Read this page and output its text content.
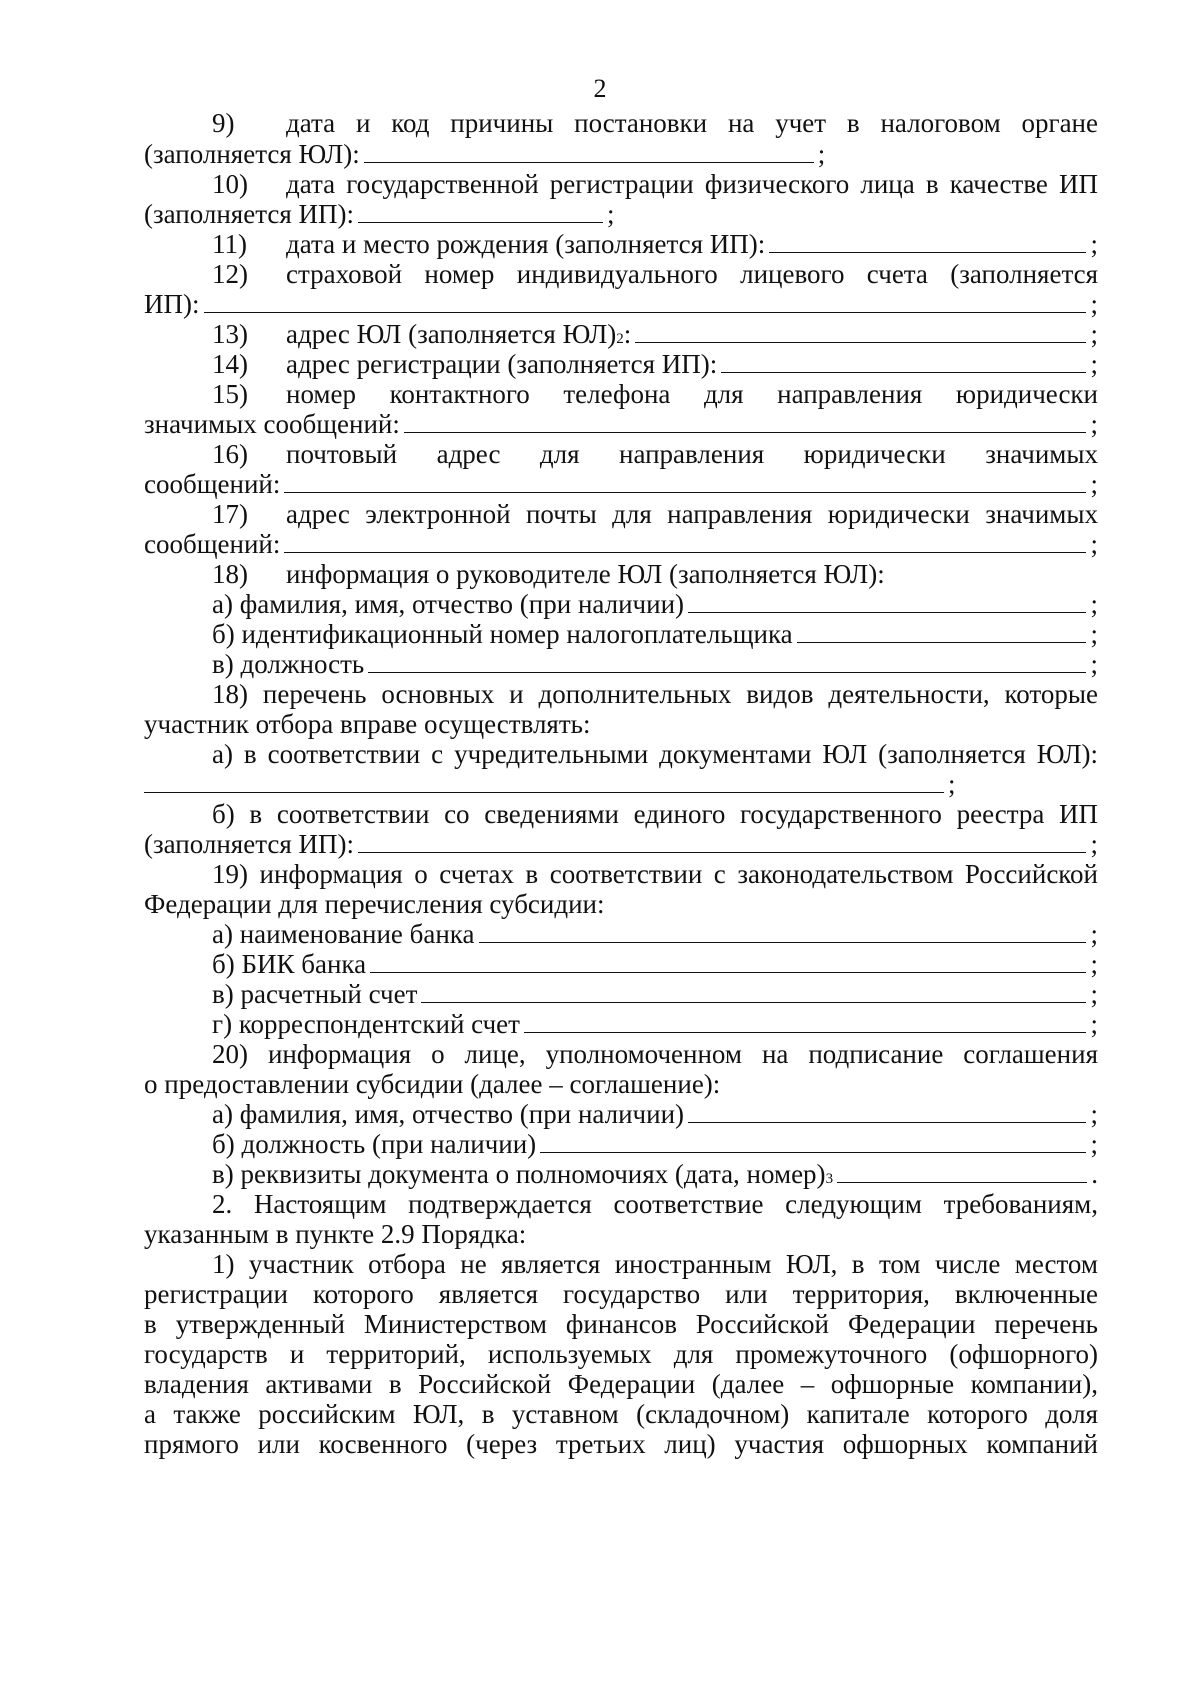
2
9) дата и код причины постановки на учет в налоговом органе
(заполняется ЮЛ):	;
10) дата государственной регистрации физического лица в качестве ИП
(заполняется ИП):	;
11)	дата и место рождения (заполняется ИП):	;
12) страховой номер индивидуального лицевого счета (заполняется
ИП):	;
13)	адрес ЮЛ (заполняется ЮЛ) 2 :	;
14)	адрес регистрации (заполняется ИП):	;
15) номер контактного телефона для направления юридически
значимых сообщений:	;
16) почтовый адрес для направления юридически значимых
сообщений:	;
17) адрес электронной почты для направления юридически значимых
сообщений:	;
18) информация о руководителе ЮЛ (заполняется ЮЛ):
а) фамилия, имя, отчество (при наличии)	;
б) идентификационный номер налогоплательщика	;
в) должность	;
18) перечень основных и дополнительных видов деятельности, которые
участник отбора вправе осуществлять:
а) в соответствии с учредительными документами ЮЛ (заполняется ЮЛ):
;
б) в соответствии со сведениями единого государственного реестра ИП
(заполняется ИП):	;
19) информация о счетах в соответствии с законодательством Российской
Федерации для перечисления субсидии:
а) наименование банка	;
б) БИК банка	;
в) расчетный счет	;
г) корреспондентский счет	;
20) информация о лице, уполномоченном на подписание соглашения
о предоставлении субсидии (далее – соглашение):
а) фамилия, имя, отчество (при наличии)	;
б) должность (при наличии)	;
в) реквизиты документа о полномочиях (дата, номер) 3	.
2. Настоящим подтверждается соответствие следующим требованиям,
указанным в пункте 2.9 Порядка:
1) участник отбора не является иностранным ЮЛ, в том числе местом
регистрации которого является государство или территория, включенные
в утвержденный Министерством финансов Российской Федерации перечень
государств и территорий, используемых для промежуточного (офшорного)
владения активами в Российской Федерации (далее – офшорные компании),
а также российским ЮЛ, в уставном (складочном) капитале которого доля
прямого или косвенного (через третьих лиц) участия офшорных компаний
